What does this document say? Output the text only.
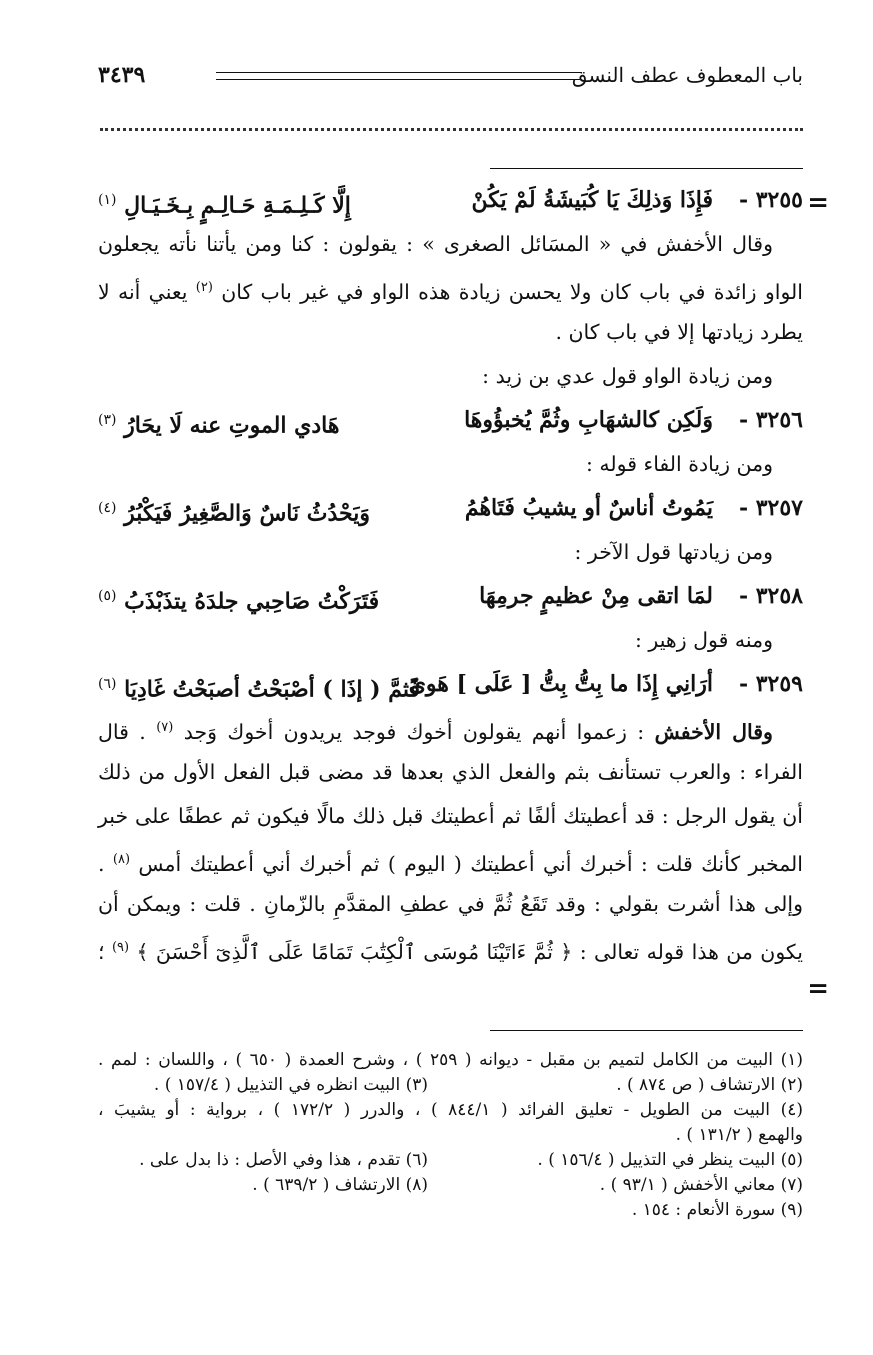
باب المعطوف عطف النسق
٣٤٣٩
=
=
٣٢٥٥ -
فَإِذَا وَذلِكَ يَا كُبَيشَةُ لَمْ يَكُنْ
إِلَّا كَـلِـمَـةِ حَـالِـمٍ بِـخَـيَـالِ $^{(١)}$
وقال الأخفش في « المسَائل الصغرى » : يقولون : كنا ومن يأتنا نأته يجعلون
الواو زائدة في باب كان ولا يحسن زيادة هذه الواو في غير باب كان $^{(٢)}$ يعني أنه لا
يطرد زيادتها إلا في باب كان .
ومن زيادة الواو قول عدي بن زيد :
٣٢٥٦ -
وَلَكِن كالشهَابِ وثُمَّ يُخبؤُوهَا
هَادي الموتِ عنه لَا يحَارُ $^{(٣)}$
ومن زيادة الفاء قوله :
٣٢٥٧ -
يَمُوتُ أناسٌ أو يشيبُ فَتَاهُمُ
وَيَحْدُثُ نَاسٌ وَالصَّغِيرُ فَيَكْبُرُ $^{(٤)}$
ومن زيادتها قول الآخر :
٣٢٥٨ -
لمَا اتقى مِنْ عظيمٍ جرمِهَا
فَتَرَكْتُ صَاحِبي جلدَهُ يتذَبْذَبُ $^{(٥)}$
ومنه قول زهير :
٣٢٥٩ -
أرَانِي إِذَا ما بِتُّ بِتُّ [ عَلَى ] هَوىً
فَثمَّ ( إذَا ) أصْبَحْتُ أصبَحْتُ غَادِيَا $^{(٦)}$
وقال الأخفش : زعموا أنهم يقولون أخوك فوجد يريدون أخوك وَجد $^{(٧)}$ . قال
الفراء : والعرب تستأنف بثم والفعل الذي بعدها قد مضى قبل الفعل الأول من ذلك
أن يقول الرجل : قد أعطيتك ألفًا ثم أعطيتك قبل ذلك مالًا فيكون ثم عطفًا على خبر
المخبر كأنك قلت : أخبرك أني أعطيتك ( اليوم ) ثم أخبرك أني أعطيتك أمس $^{(٨)}$ .
وإلى هذا أشرت بقولي : وقد تَقَعُ ثُمَّ في عطفِ المقدَّمِ بالزّمانِ . قلت : ويمكن أن
يكون من هذا قوله تعالى : ﴿ ثُمَّ ءَاتَيْنَا مُوسَى ٱلْكِتَٰبَ تَمَامًا عَلَى ٱلَّذِىٓ أَحْسَنَ ﴾ $^{(٩)}$ ؛
(١) البيت من الكامل لتميم بن مقبل - ديوانه ( ٢٥٩ ) ، وشرح العمدة ( ٦٥٠ ) ، واللسان : لمم .
(٢) الارتشاف ( ص ٨٧٤ ) .
(٣) البيت انظره في التذييل ( ١٥٧/٤ ) .
(٤) البيت من الطويل - تعليق الفرائد ( ٨٤٤/١ ) ، والدرر ( ١٧٢/٢ ) ، برواية : أو يشيبَ ،
والهمع ( ١٣١/٢ ) .
(٥) البيت ينظر في التذييل ( ١٥٦/٤ ) .
(٦) تقدم ، هذا وفي الأصل : ذا بدل على .
(٧) معاني الأخفش ( ٩٣/١ ) .
(٨) الارتشاف ( ٦٣٩/٢ ) .
(٩) سورة الأنعام : ١٥٤ .
